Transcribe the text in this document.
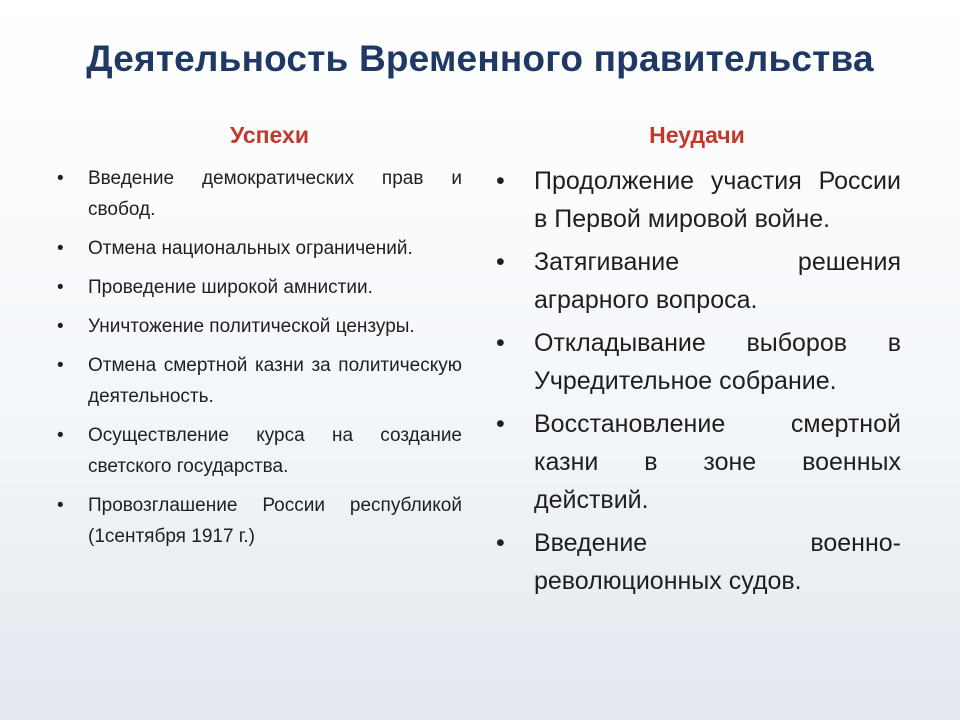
Деятельность Временного правительства
Успехи
• Введение демократических прав и свобод.
• Отмена национальных ограничений.
• Проведение широкой амнистии.
• Уничтожение политической цензуры.
• Отмена смертной казни за политическую деятельность.
• Осуществление курса на создание светского государства.
• Провозглашение России республикой (1сентября 1917 г.)
Неудачи
• Продолжение участия России в Первой мировой войне.
• Затягивание решения аграрного вопроса.
• Откладывание выборов в Учредительное собрание.
• Восстановление смертной казни в зоне военных действий.
• Введение военно-революционных судов.
